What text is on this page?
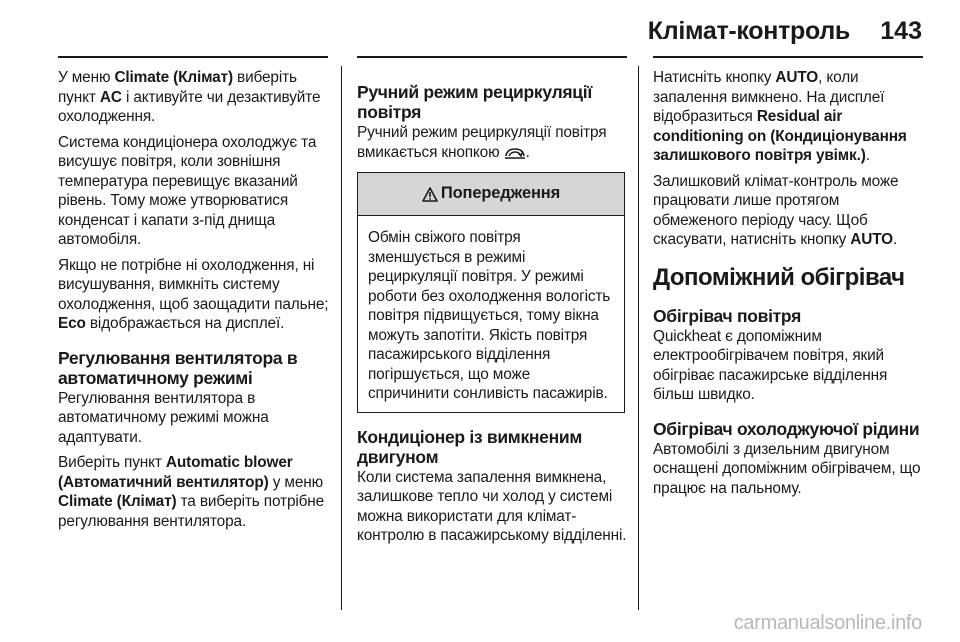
Клімат-контроль 143

У меню Climate (Клімат) виберіть пункт AC і активуйте чи дезактивуйте охолодження.

Система кондиціонера охолоджує та висушує повітря, коли зовнішня температура перевищує вказаний рівень. Тому може утворюватися конденсат і капати з-під днища автомобіля.

Якщо не потрібне ні охолодження, ні висушування, вимкніть систему охолодження, щоб заощадити пальне; Eco відображається на дисплеї.

Регулювання вентилятора в автоматичному режимі

Регулювання вентилятора в автоматичному режимі можна адаптувати.

Виберіть пункт Automatic blower (Автоматичний вентилятор) у меню Climate (Клімат) та виберіть потрібне регулювання вентилятора.

Ручний режим рециркуляції повітря

Ручний режим рециркуляції повітря вмикається кнопкою .

Попередження
Обмін свіжого повітря зменшується в режимі рециркуляції повітря. У режимі роботи без охолодження вологість повітря підвищується, тому вікна можуть запотіти. Якість повітря пасажирського відділення погіршується, що може спричинити сонливість пасажирів.
Кондиціонер із вимкненим двигуном

Коли система запалення вимкнена, залишкове тепло чи холод у системі можна використати для клімат-контролю в пасажирському відділенні.

Натисніть кнопку AUTO, коли запалення вимкнено. На дисплеї відобразиться Residual air conditioning on (Кондиціонування залишкового повітря увімк.).

Залишковий клімат-контроль може працювати лише протягом обмеженого періоду часу. Щоб скасувати, натисніть кнопку AUTO.

Допоміжний обігрівач
Обігрівач повітря

Quickheat є допоміжним електрообігрівачем повітря, який обігріває пасажирське відділення більш швидко.

Обігрівач охолоджуючої рідини

Автомобілі з дизельним двигуном оснащені допоміжним обігрівачем, що працює на пальному.

carmanualsonline.info
